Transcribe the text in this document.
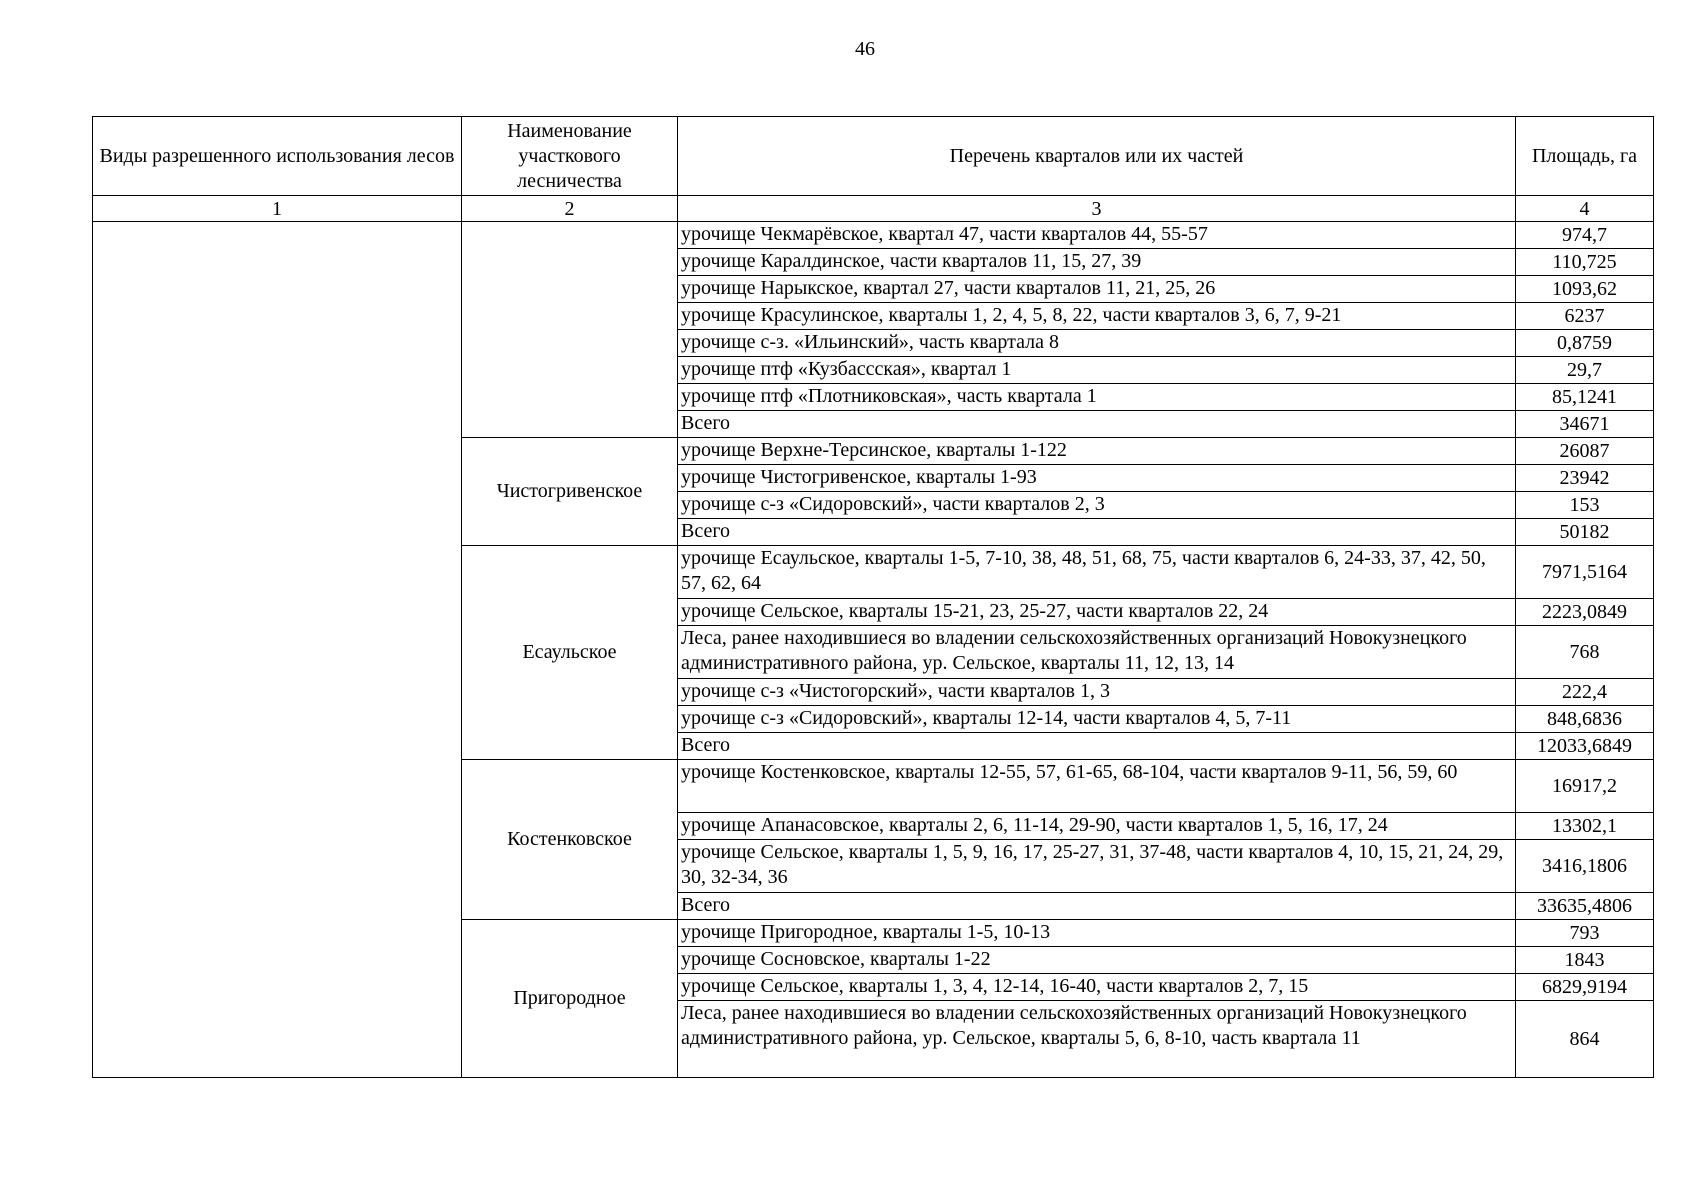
46
Виды разрешенного использования лесов	Наименование участкового лесничества	Перечень кварталов или их частей	Площадь, га
1	2	3	4
		урочище Чекмарёвское, квартал 47, части кварталов 44, 55-57	974,7
		урочище Каралдинское, части кварталов 11, 15, 27, 39	110,725
		урочище Нарыкское, квартал 27, части кварталов 11, 21, 25, 26	1093,62
		урочище Красулинское, кварталы 1, 2, 4, 5, 8, 22, части кварталов 3, 6, 7, 9-21	6237
		урочище с-з. «Ильинский», часть квартала 8	0,8759
		урочище птф «Кузбассская», квартал 1	29,7
		урочище птф «Плотниковская», часть квартала 1	85,1241
		Всего	34671
	Чистогривенское	урочище Верхне-Терсинское, кварталы 1-122	26087
		урочище Чистогривенское, кварталы 1-93	23942
		урочище с-з «Сидоровский», части кварталов 2, 3	153
		Всего	50182
	Есаульское	урочище Есаульское, кварталы 1-5, 7-10, 38, 48, 51, 68, 75, части кварталов 6, 24-33, 37, 42, 50, 57, 62, 64	7971,5164
		урочище Сельское, кварталы 15-21, 23, 25-27, части кварталов 22, 24	2223,0849
		Леса, ранее находившиеся во владении сельскохозяйственных организаций Новокузнецкого административного района, ур. Сельское, кварталы 11, 12, 13, 14	768
		урочище с-з «Чистогорский», части кварталов 1, 3	222,4
		урочище с-з «Сидоровский», кварталы 12-14, части кварталов 4, 5, 7-11	848,6836
		Всего	12033,6849
	Костенковское	урочище Костенковское, кварталы 12-55, 57, 61-65, 68-104, части кварталов 9-11, 56, 59, 60	16917,2
		урочище Апанасовское, кварталы 2, 6, 11-14, 29-90, части кварталов 1, 5, 16, 17, 24	13302,1
		урочище Сельское, кварталы 1, 5, 9, 16, 17, 25-27, 31, 37-48, части кварталов 4, 10, 15, 21, 24, 29, 30, 32-34, 36	3416,1806
		Всего	33635,4806
	Пригородное	урочище Пригородное, кварталы 1-5, 10-13	793
		урочище Сосновское, кварталы 1-22	1843
		урочище Сельское, кварталы 1, 3, 4, 12-14, 16-40, части кварталов 2, 7, 15	6829,9194
		Леса, ранее находившиеся во владении сельскохозяйственных организаций Новокузнецкого административного района, ур. Сельское, кварталы 5, 6, 8-10, часть квартала 11	864
